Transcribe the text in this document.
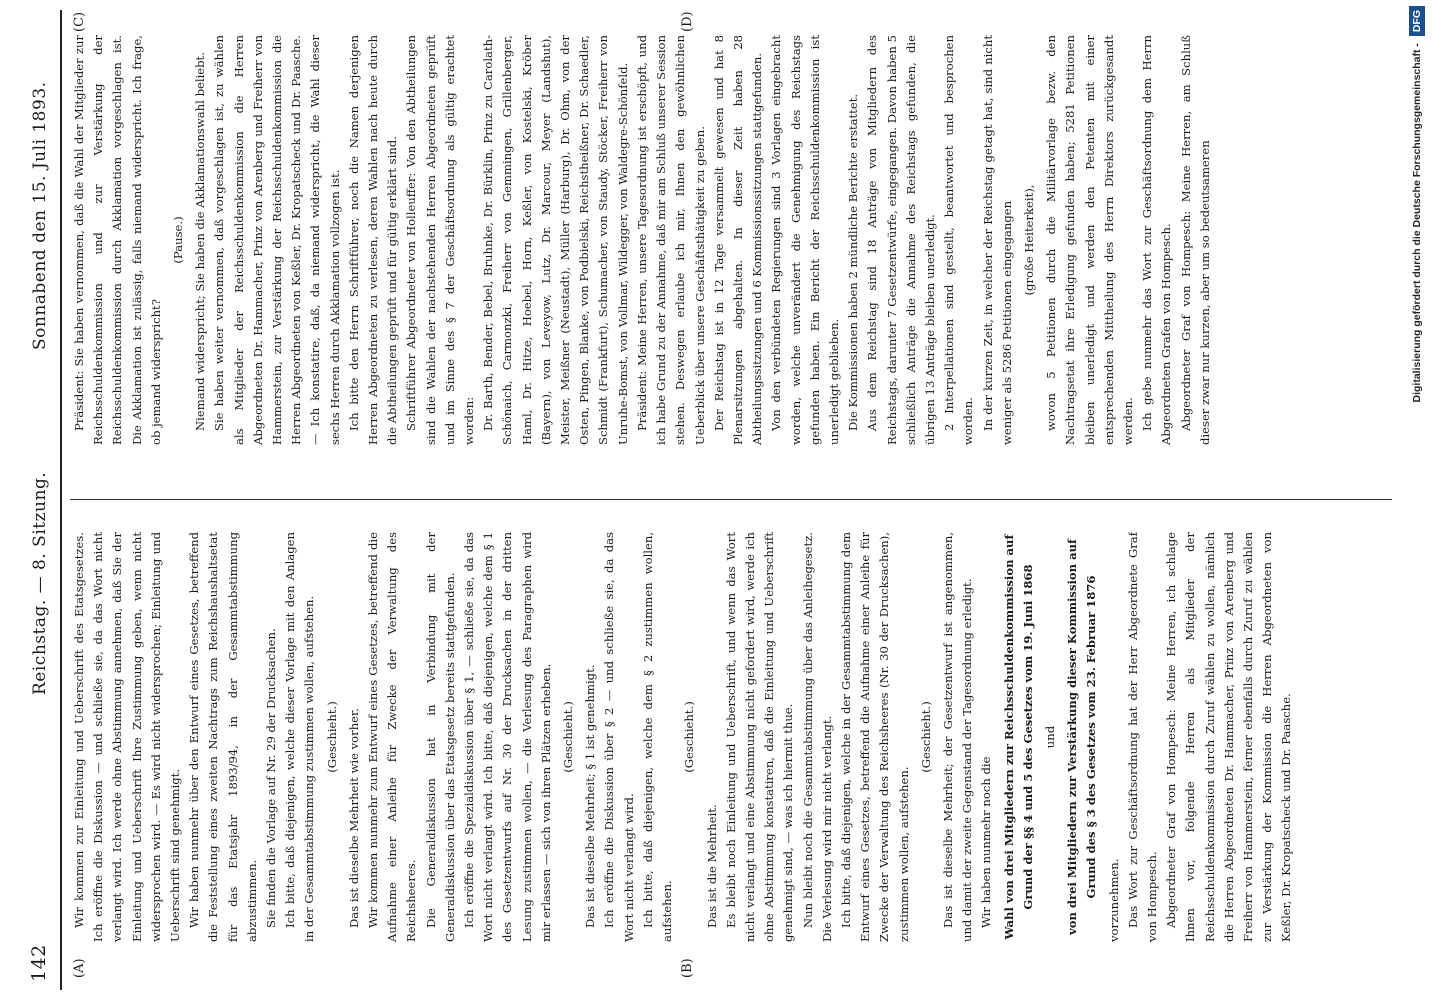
142
Reichstag. — 8. Sitzung.
Sonnabend den 15. Juli 1893.
(A)	(B)
(C)	(D)

Wir kommen zur Einleitung und Ueberschrift des Etatsgesetzes. Ich eröffne die Diskussion — und schließe sie, da das Wort nicht verlangt wird. Ich werde ohne Abstimmung annehmen, daß Sie der Einleitung und Ueberschrift Ihre Zustimmung geben, wenn nicht widersprochen wird. — Es wird nicht widersprochen; Einleitung und Ueberschrift sind genehmigt. Wir haben nunmehr über den Entwurf eines Gesetzes, betreffend die Feststellung eines zweiten Nachtrags zum Reichshaushaltsetat für das Etatsjahr 1893/94, in der Gesammtabstimmung abzustimmen. Sie finden die Vorlage auf Nr. 29 der Drucksachen. Ich bitte, daß diejenigen, welche dieser Vorlage mit den Anlagen in der Gesammtabstimmung zustimmen wollen, aufstehen. (Geschieht.) Das ist dieselbe Mehrheit wie vorher. Wir kommen nunmehr zum Entwurf eines Gesetzes, betreffend die Aufnahme einer Anleihe für Zwecke der Verwaltung des Reichsheeres. Die Generaldiskussion hat in Verbindung mit der Generaldiskussion über das Etatsgesetz bereits stattgefunden. Ich eröffne die Spezialdiskussion über § 1, — schließe sie, da das Wort nicht verlangt wird. Ich bitte, daß diejenigen, welche dem § 1 des Gesetzentwurfs auf Nr. 30 der Drucksachen in der dritten Lesung zustimmen wollen, — die Verlesung des Paragraphen wird mir erlassen — sich von ihren Plätzen erheben. (Geschieht.) Das ist dieselbe Mehrheit; § 1 ist genehmigt. Ich eröffne die Diskussion über § 2 — und schließe sie, da das Wort nicht verlangt wird. Ich bitte, daß diejenigen, welche dem § 2 zustimmen wollen, aufstehen.

(Geschieht.)

Das ist die Mehrheit. Es bleibt noch Einleitung und Ueberschrift, und wenn das Wort nicht verlangt und eine Abstimmung nicht gefordert wird, werde ich ohne Abstimmung konstatiren, daß die Einleitung und Ueberschrift genehmigt sind, — was ich hiermit thue. Nun bleibt noch die Gesammtabstimmung über das Anleihegesetz. Die Verlesung wird mir nicht verlangt. Ich bitte, daß diejenigen, welche in der Gesammtabstimmung dem Entwurf eines Gesetzes, betreffend die Aufnahme einer Anleihe für Zwecke der Verwaltung des Reichsheeres (Nr. 30 der Drucksachen), zustimmen wollen, aufstehen.

(Geschieht.) Das ist dieselbe Mehrheit; der Gesetzentwurf ist angenommen, und damit der zweite Gegenstand der Tagesordnung erledigt. Wir haben nunmehr noch die Wahl von drei Mitgliedern zur Reichsschuldenkommission auf Grund der §§ 4 und 5 des Gesetzes vom 19. Juni 1868 und von drei Mitgliedern zur Verstärkung dieser Kommission auf Grund des § 3 des Gesetzes vom 23. Februar 1876

vorzunehmen. Das Wort zur Geschäftsordnung hat der Herr Abgeordnete Graf von Hompesch. Abgeordneter Graf von Hompesch: Meine Herren, ich schlage Ihnen vor, folgende Herren als Mitglieder der Reichsschuldenkommission durch Zuruf wählen zu wollen, nämlich die Herren Abgeordneten Dr. Hammacher, Prinz von Arenberg und Freiherr von Hammerstein, ferner ebenfalls durch Zuruf zu wählen zur Verstärkung der Kommission die Herren Abgeordneten von Keßler, Dr. Kropatscheck und Dr. Paasche.

Präsident: Sie haben vernommen, daß die Wahl der Mitglieder zur Reichsschuldenkommission und zur Verstärkung der Reichsschuldenkommission durch Akklamation vorgeschlagen ist. Die Akklamation ist zulässig, falls niemand widerspricht. Ich frage, ob jemand widerspricht?

(Pause.) Niemand widerspricht; Sie haben die Akklamationswahl beliebt. Sie haben weiter vernommen, daß vorgeschlagen ist, zu wählen als Mitglieder der Reichsschuldenkommission die Herren Abgeordneten Dr. Hammacher, Prinz von Arenberg und Freiherr von Hammerstein, zur Verstärkung der Reichsschuldenkommission die Herren Abgeordneten von Keßler, Dr. Kropatscheck und Dr. Paasche. — Ich konstatire, daß, da niemand widerspricht, die Wahl dieser sechs Herren durch Akklamation vollzogen ist. Ich bitte den Herrn Schriftführer, noch die Namen derjenigen Herren Abgeordneten zu verlesen, deren Wahlen nach heute durch die Abtheilungen geprüft und für gültig erklärt sind. Schriftführer Abgeordneter von Holleuffer: Von den Abtheilungen sind die Wahlen der nachstehenden Herren Abgeordneten geprüft und im Sinne des § 7 der Geschäftsordnung als gültig erachtet worden: Dr. Barth, Bender, Bebel, Bruhnke, Dr. Bürklin, Prinz zu Carolath-Schönaich, Carmonzki, Freiherr von Gemmingen, Grillenberger, Haml, Dr. Hitze, Hoebel, Horn, Keßler, von Kostelski, Kröber (Bayern), von Leveyow, Lutz, Dr. Marcour, Meyer (Landshut), Meister, Meißner (Neustadt), Müller (Harburg), Dr. Ohm, von der Osten, Pingen, Blanke, von Podbielski, Reichstheißner, Dr. Schaedler, Schmidt (Frankfurt), Schumacher, von Staudy, Stöcker, Freiherr von Unruhe-Bomst, von Vollmar, Wildegger, von Waldegre-Schönfeld. Präsident: Meine Herren, unsere Tagesordnung ist erschöpft, und ich habe Grund zu der Annahme, daß mir am Schluß unserer Session stehen. Deswegen erlaube ich mir, Ihnen den gewöhnlichen Ueberblick über unsere Geschäftsthätigkeit zu geben. Der Reichstag ist in 12 Tage versammelt gewesen und hat 8 Plenarsitzungen abgehalten. In dieser Zeit haben 28 Abtheilungssitzungen und 6 Kommissionssitzungen stattgefunden. Von den verbündeten Regierungen sind 3 Vorlagen eingebracht worden, welche unverändert die Genehmigung des Reichstags gefunden haben. Ein Bericht der Reichsschuldenkommission ist unerledigt geblieben. Die Kommissionen haben 2 mündliche Berichte erstattet. Aus dem Reichstag sind 18 Anträge von Mitgliedern des Reichstags, darunter 7 Gesetzentwürfe, eingegangen. Davon haben 5 schließlich Anträge die Annahme des Reichstags gefunden, die übrigen 13 Anträge bleiben unerledigt. 2 Interpellationen sind gestellt, beantwortet und besprochen worden. In der kurzen Zeit, in welcher der Reichstag getagt hat, sind nicht weniger als 5286 Petitionen eingegangen (große Heiterkeit), wovon 5 Petitionen durch die Militärvorlage bezw. den Nachtragsetat ihre Erledigung gefunden haben; 5281 Petitionen bleiben unerledigt und werden den Petenten mit einer entsprechenden Mittheilung des Herrn Direktors zurückgesandt werden. Ich gebe nunmehr das Wort zur Geschäftsordnung dem Herrn Abgeordneten Grafen von Hompesch. Abgeordneter Graf von Hompesch: Meine Herren, am Schluß dieser zwar nur kurzen, aber um so bedeutsameren	Digitalisierung gefördert durch die Deutsche Forschungsgemeinschaft - DFG
